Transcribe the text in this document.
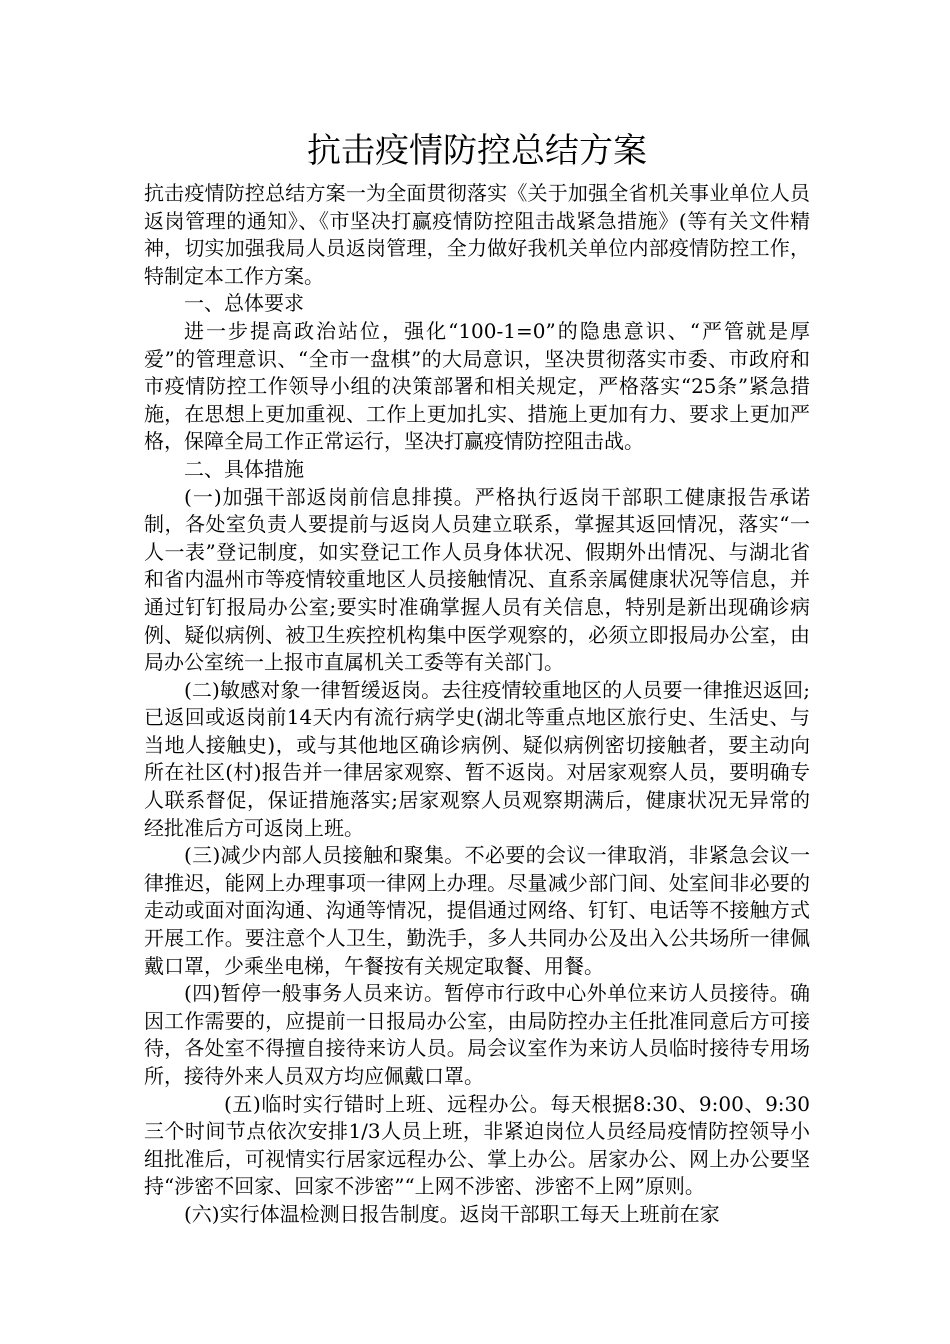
抗击疫情防控总结方案

抗击疫情防控总结方案一为全面贯彻落实《关于加强全省机关事业单位人员返岗管理的通知》、《市坚决打赢疫情防控阻击战紧急措施》(等有关文件精神，切实加强我局人员返岗管理，全力做好我机关单位内部疫情防控工作，特制定本工作方案。

一、总体要求

进一步提高政治站位，强化“100-1=0”的隐患意识、“严管就是厚爱”的管理意识、“全市一盘棋”的大局意识，坚决贯彻落实市委、市政府和市疫情防控工作领导小组的决策部署和相关规定，严格落实“25条”紧急措施，在思想上更加重视、工作上更加扎实、措施上更加有力、要求上更加严格，保障全局工作正常运行，坚决打赢疫情防控阻击战。

二、具体措施

(一)加强干部返岗前信息排摸。严格执行返岗干部职工健康报告承诺制，各处室负责人要提前与返岗人员建立联系，掌握其返回情况，落实“一人一表”登记制度，如实登记工作人员身体状况、假期外出情况、与湖北省和省内温州市等疫情较重地区人员接触情况、直系亲属健康状况等信息，并通过钉钉报局办公室;要实时准确掌握人员有关信息，特别是新出现确诊病例、疑似病例、被卫生疾控机构集中医学观察的，必须立即报局办公室，由局办公室统一上报市直属机关工委等有关部门。

(二)敏感对象一律暂缓返岗。去往疫情较重地区的人员要一律推迟返回;已返回或返岗前14天内有流行病学史(湖北等重点地区旅行史、生活史、与当地人接触史)，或与其他地区确诊病例、疑似病例密切接触者，要主动向所在社区(村)报告并一律居家观察、暂不返岗。对居家观察人员，要明确专人联系督促，保证措施落实;居家观察人员观察期满后，健康状况无异常的经批准后方可返岗上班。

(三)减少内部人员接触和聚集。不必要的会议一律取消，非紧急会议一律推迟，能网上办理事项一律网上办理。尽量减少部门间、处室间非必要的走动或面对面沟通、沟通等情况，提倡通过网络、钉钉、电话等不接触方式开展工作。要注意个人卫生，勤洗手，多人共同办公及出入公共场所一律佩戴口罩，少乘坐电梯，午餐按有关规定取餐、用餐。

(四)暂停一般事务人员来访。暂停市行政中心外单位来访人员接待。确因工作需要的，应提前一日报局办公室，由局防控办主任批准同意后方可接待，各处室不得擅自接待来访人员。局会议室作为来访人员临时接待专用场所，接待外来人员双方均应佩戴口罩。

(五)临时实行错时上班、远程办公。每天根据8:30、9:00、9:30三个时间节点依次安排1/3人员上班，非紧迫岗位人员经局疫情防控领导小组批准后，可视情实行居家远程办公、掌上办公。居家办公、网上办公要坚持“涉密不回家、回家不涉密”“上网不涉密、涉密不上网”原则。

(六)实行体温检测日报告制度。返岗干部职工每天上班前在家
